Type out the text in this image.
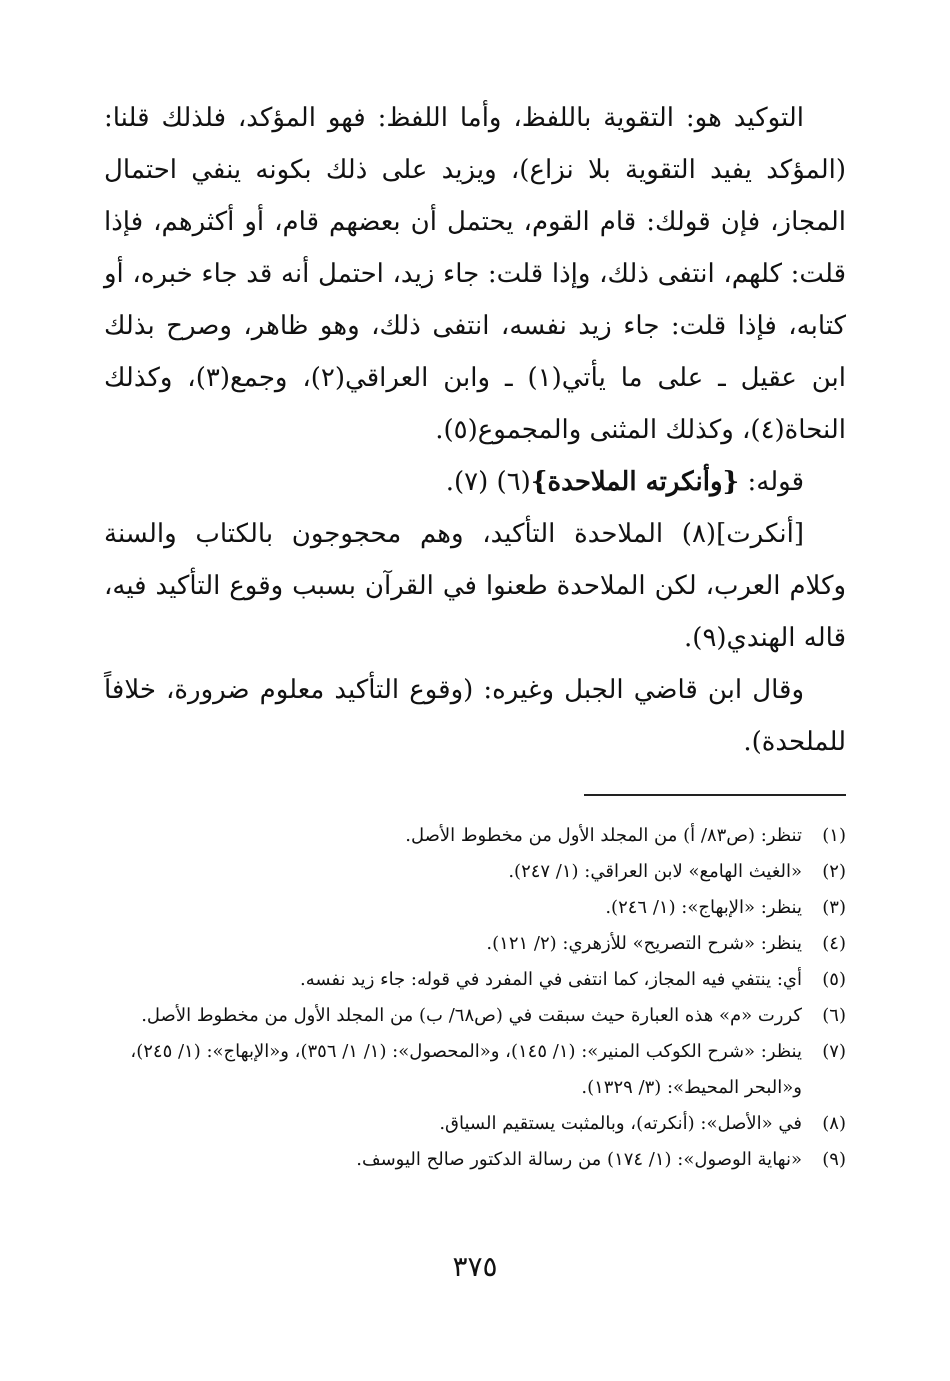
التوكيد هو: التقوية باللفظ، وأما اللفظ: فهو المؤكد، فلذلك قلنا: (المؤكد يفيد التقوية بلا نزاع)، ويزيد على ذلك بكونه ينفي احتمال المجاز، فإن قولك: قام القوم، يحتمل أن بعضهم قام، أو أكثرهم، فإذا قلت: كلهم، انتفى ذلك، وإذا قلت: جاء زيد، احتمل أنه قد جاء خبره، أو كتابه، فإذا قلت: جاء زيد نفسه، انتفى ذلك، وهو ظاهر، وصرح بذلك ابن عقيل ـ على ما يأتي(١) ـ وابن العراقي(٢)، وجمع(٣)، وكذلك النحاة(٤)، وكذلك المثنى والمجموع(٥).

قوله: {وأنكرته الملاحدة}(٦) (٧).

[أنكرت](٨) الملاحدة التأكيد، وهم محجوجون بالكتاب والسنة وكلام العرب، لكن الملاحدة طعنوا في القرآن بسبب وقوع التأكيد فيه، قاله الهندي(٩).

وقال ابن قاضي الجبل وغيره: (وقوع التأكيد معلوم ضرورة، خلافاً للملحدة).

(١)
تنظر: (ص٨٣/ أ) من المجلد الأول من مخطوط الأصل.
(٢)
«الغيث الهامع» لابن العراقي: (١/ ٢٤٧).
(٣)
ينظر: «الإبهاج»: (١/ ٢٤٦).
(٤)
ينظر: «شرح التصريح» للأزهري: (٢/ ١٢١).
(٥)
أي: ينتفي فيه المجاز، كما انتفى في المفرد في قوله: جاء زيد نفسه.
(٦)
كررت «م» هذه العبارة حيث سبقت في (ص٦٨/ ب) من المجلد الأول من مخطوط الأصل.
(٧)
ينظر: «شرح الكوكب المنير»: (١/ ١٤٥)، و«المحصول»: (١/ ١/ ٣٥٦)، و«الإبهاج»: (١/ ٢٤٥)، و«البحر المحيط»: (٣/ ١٣٢٩).
(٨)
في «الأصل»: (أنكرته)، وبالمثبت يستقيم السياق.
(٩)
«نهاية الوصول»: (١/ ١٧٤) من رسالة الدكتور صالح اليوسف.
٣٧٥
